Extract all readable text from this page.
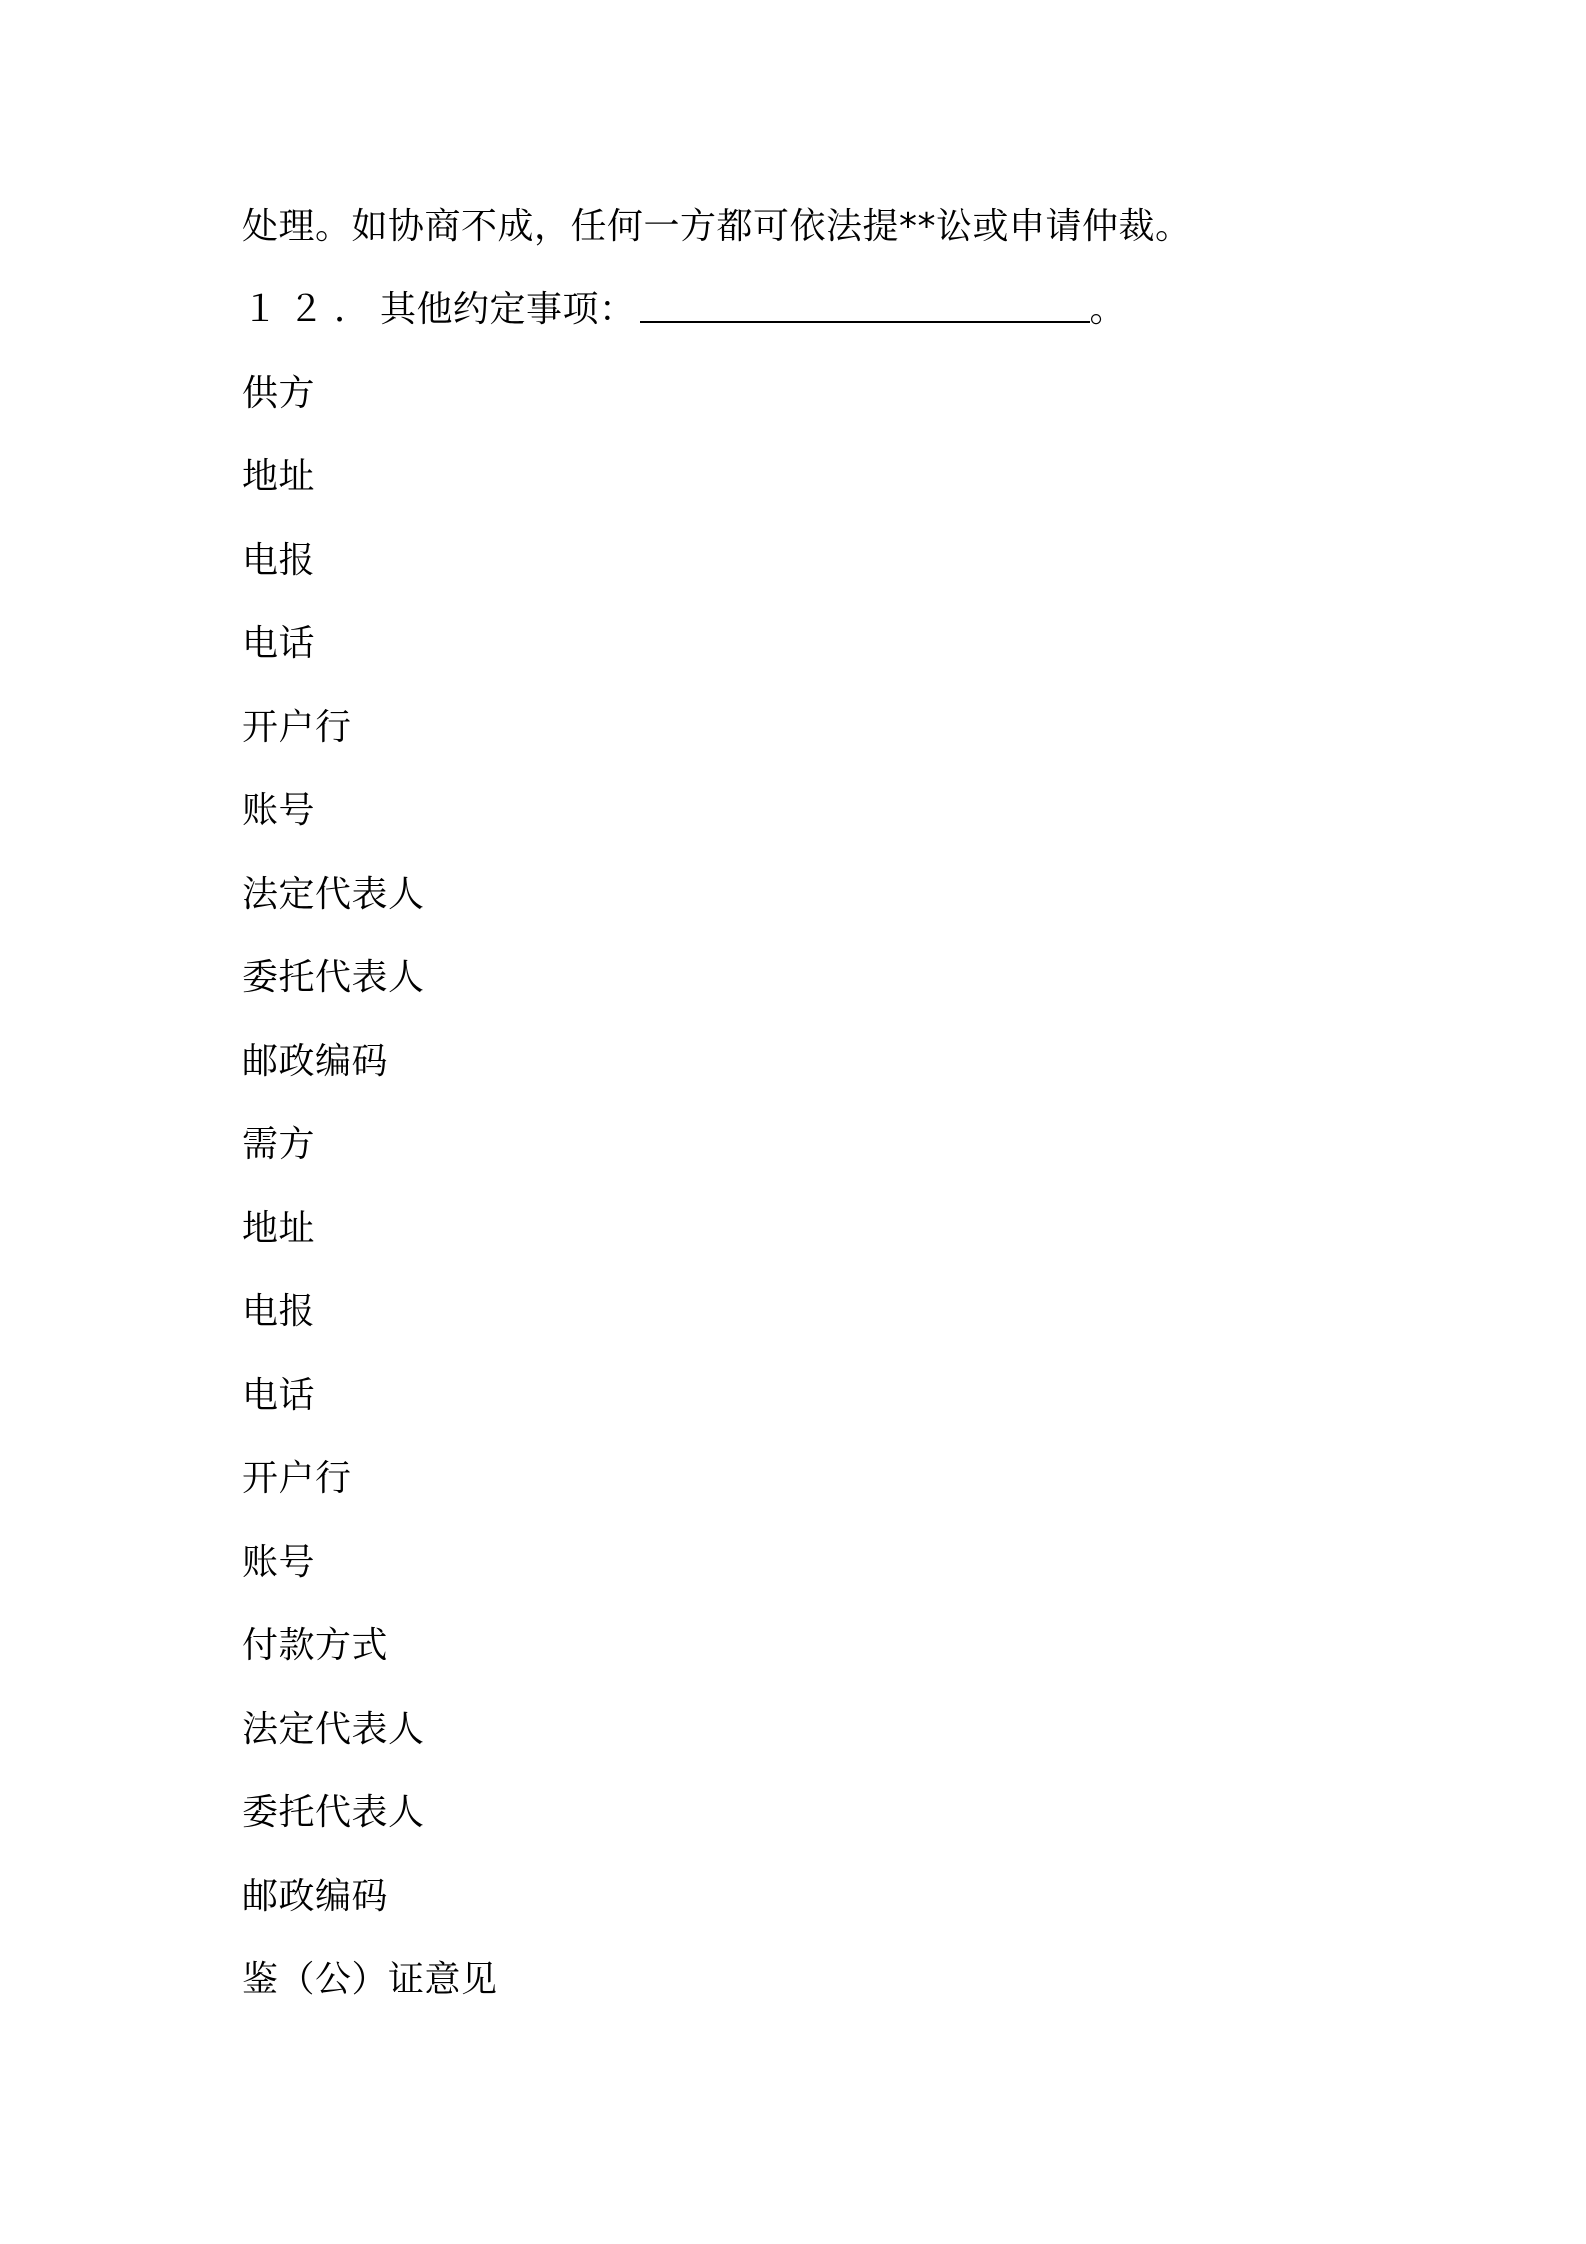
处理。如协商不成，任何一方都可依法提**讼或申请仲裁。
１２．其他约定事项：	。
供方
地址
电报
电话
开户行
账号
法定代表人
委托代表人
邮政编码
需方
地址
电报
电话
开户行
账号
付款方式
法定代表人
委托代表人
邮政编码
鉴（公）证意见
